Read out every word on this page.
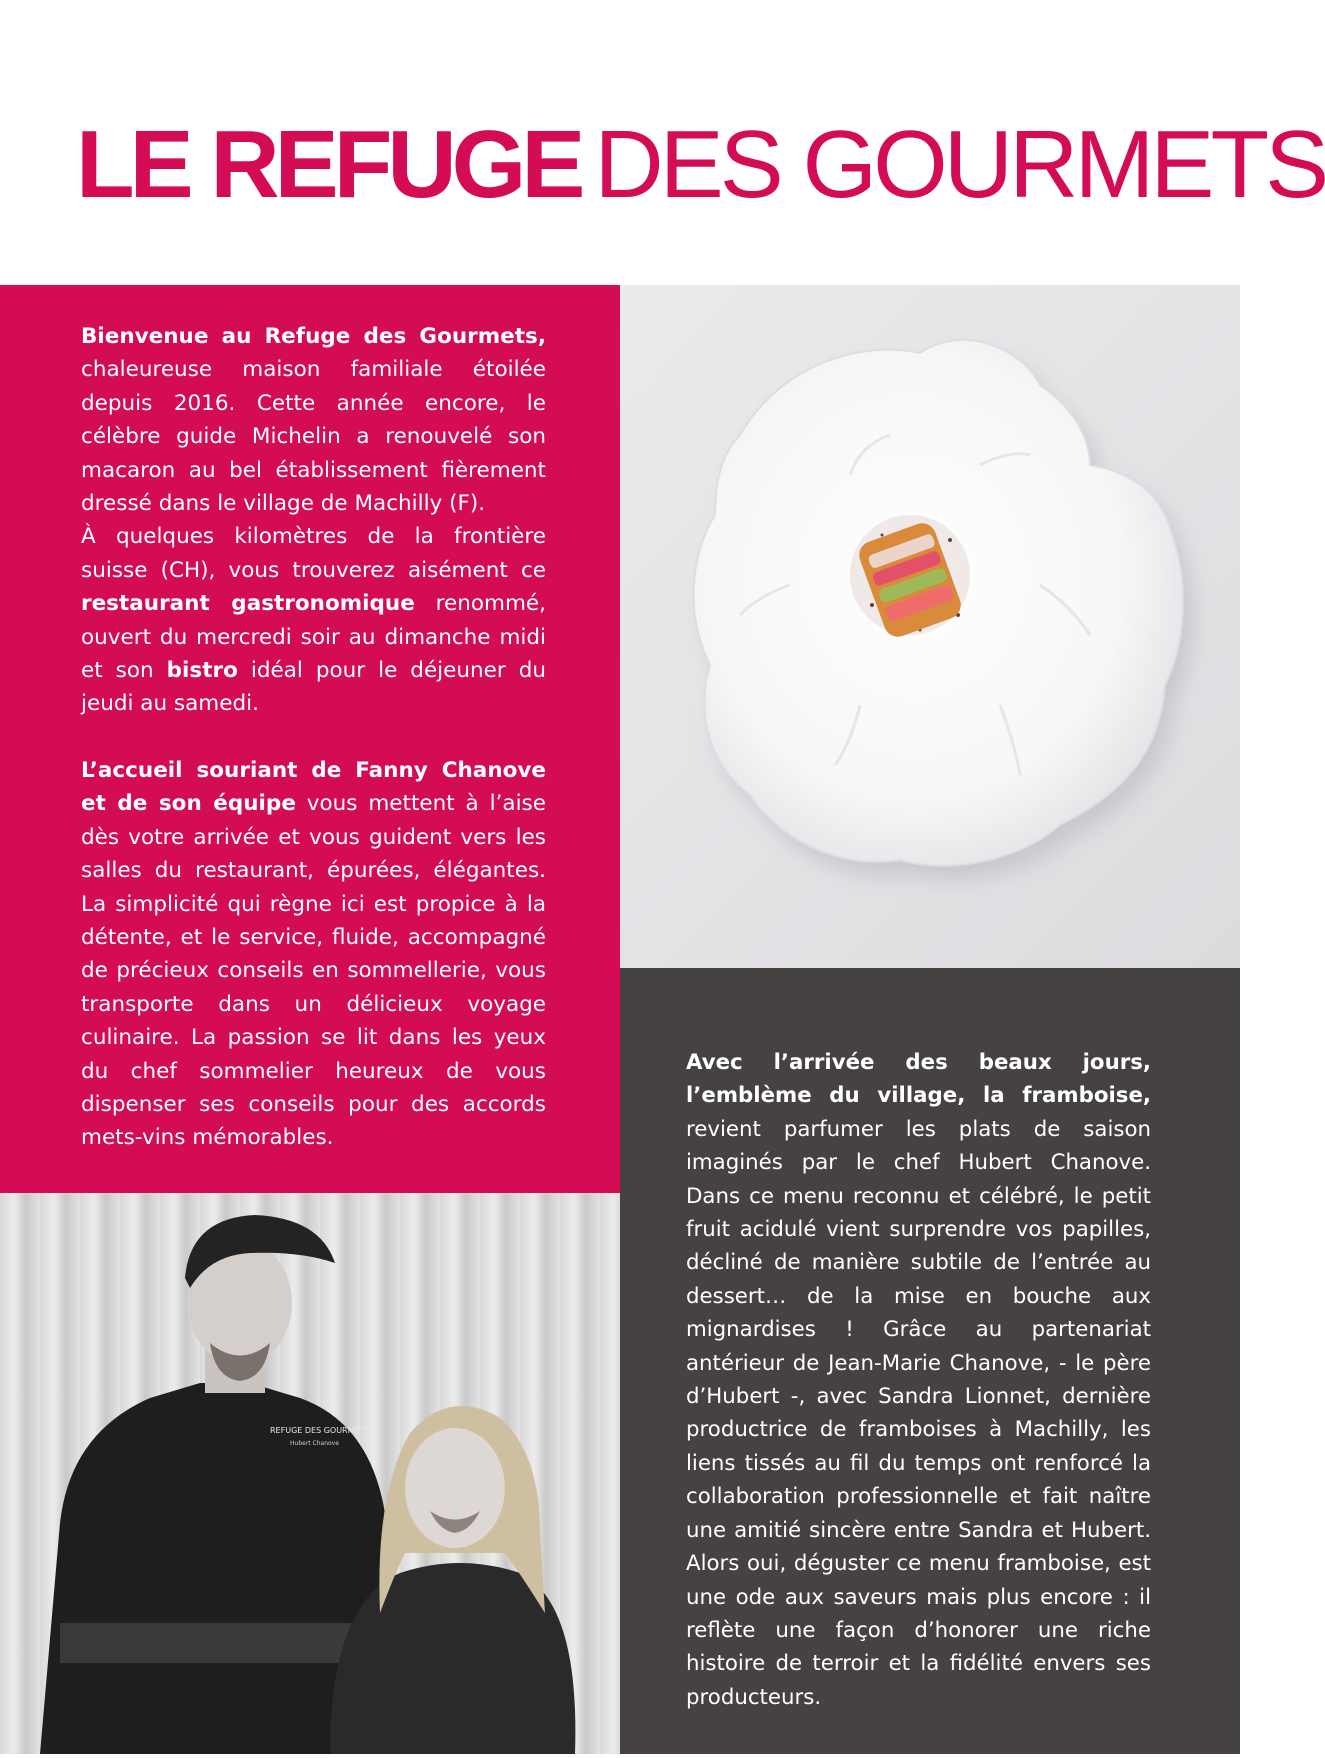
LE REFUGE DES GOURMETS

Bienvenue au Refuge des Gourmets, chaleureuse maison familiale étoilée depuis 2016. Cette année encore, le célèbre guide Michelin a renouvelé son macaron au bel établissement fièrement dressé dans le village de Machilly (F).

À quelques kilomètres de la frontière suisse (CH), vous trouverez aisément ce restaurant gastronomique renommé, ouvert du mercredi soir au dimanche midi et son bistro idéal pour le déjeuner du jeudi au samedi.

L’accueil souriant de Fanny Chanove et de son équipe vous mettent à l’aise dès votre arrivée et vous guident vers les salles du restaurant, épurées, élégantes. La simplicité qui règne ici est propice à la détente, et le service, fluide, accompagné de précieux conseils en sommellerie, vous transporte dans un délicieux voyage culinaire. La passion se lit dans les yeux du chef sommelier heureux de vous dispenser ses conseils pour des accords mets-vins mémorables.

Avec l’arrivée des beaux jours, l’emblème du village, la framboise, revient parfumer les plats de saison imaginés par le chef Hubert Chanove. Dans ce menu reconnu et célébré, le petit fruit acidulé vient surprendre vos papilles, décliné de manière subtile de l’entrée au dessert… de la mise en bouche aux mignardises ! Grâce au partenariat antérieur de Jean-Marie Chanove, - le père d’Hubert -, avec Sandra Lionnet, dernière productrice de framboises à Machilly, les liens tissés au fil du temps ont renforcé la collaboration professionnelle et fait naître une amitié sincère entre Sandra et Hubert. Alors oui, déguster ce menu framboise, est une ode aux saveurs mais plus encore : il reflète une façon d’honorer une riche histoire de terroir et la fidélité envers ses producteurs.

REFUGE DES GOURMETS
Hubert Chanove
